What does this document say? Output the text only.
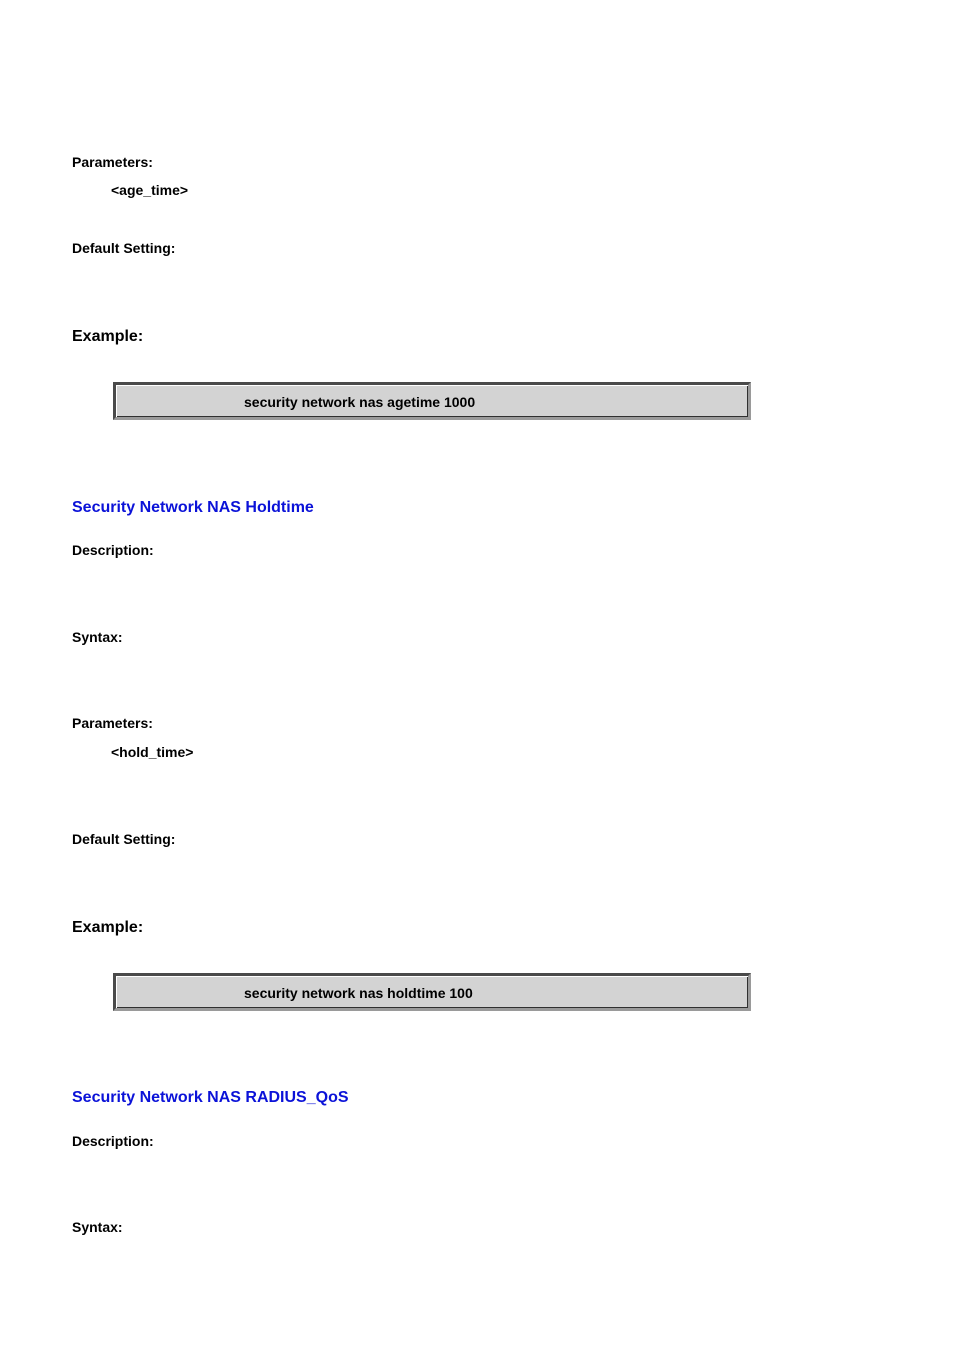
Parameters:
<age_time>
Default Setting:
Example:
security network nas agetime 1000
Security Network NAS Holdtime
Description:
Syntax:
Parameters:
<hold_time>
Default Setting:
Example:
security network nas holdtime 100
Security Network NAS RADIUS_QoS
Description:
Syntax:
